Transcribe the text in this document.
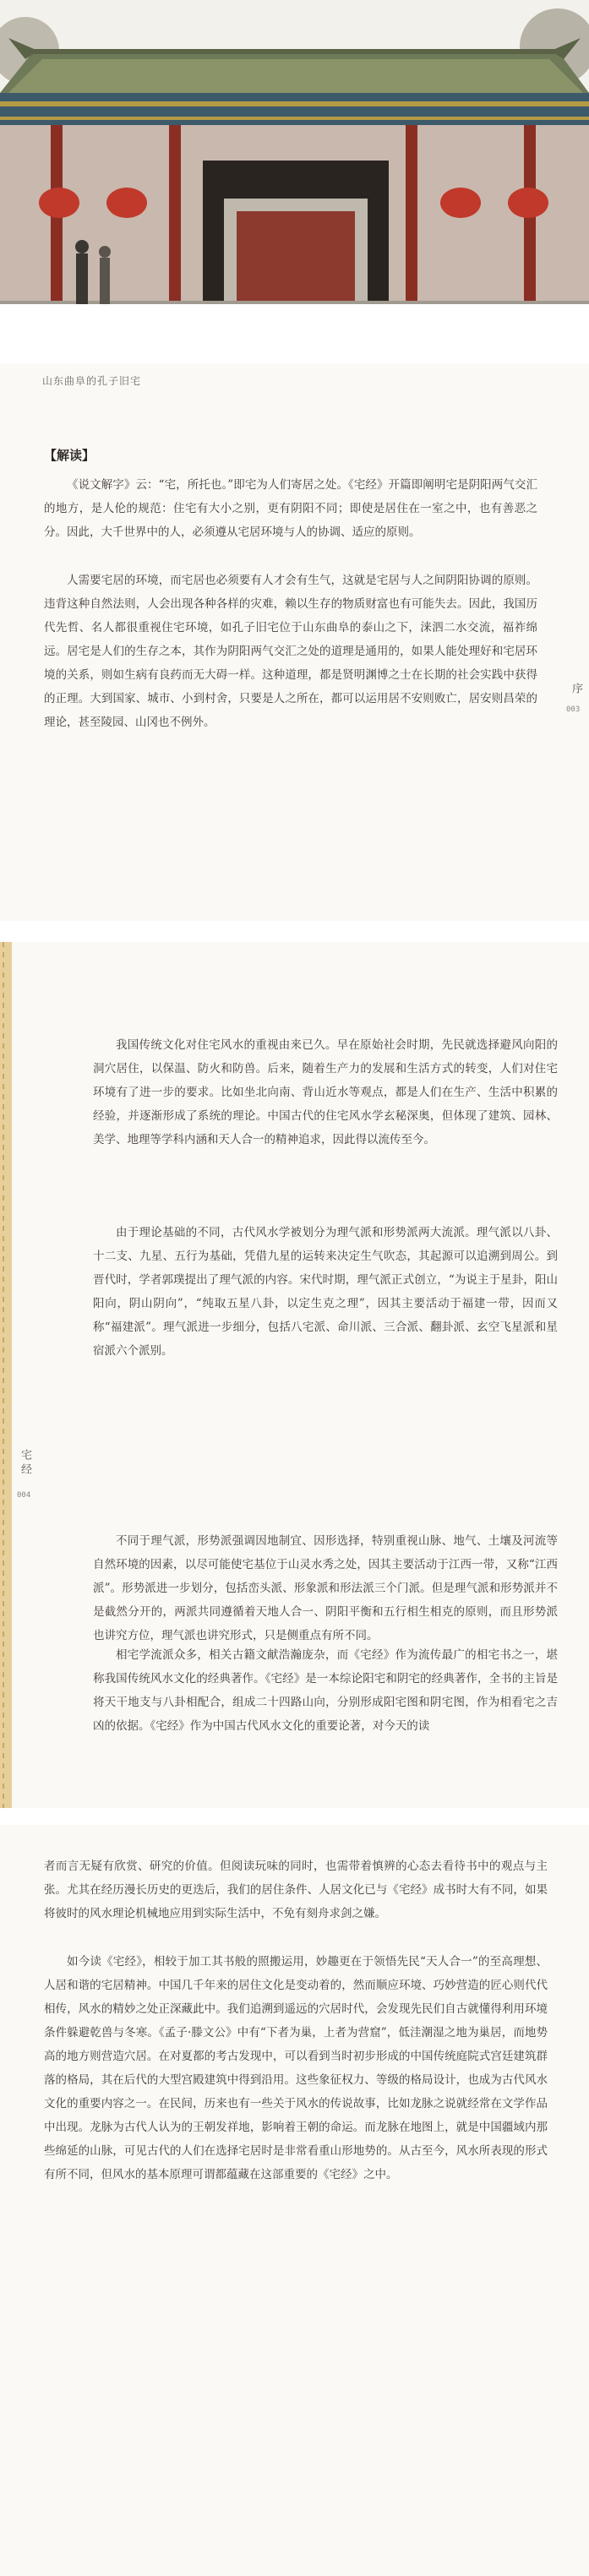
山东曲阜的孔子旧宅
【解读】

《说文解字》云：“宅，所托也。”即宅为人们寄居之处。《宅经》开篇即阐明宅是阴阳两气交汇的地方，是人伦的规范：住宅有大小之别，更有阴阳不同；即使是居住在一室之中，也有善恶之分。因此，大千世界中的人，必须遵从宅居环境与人的协调、适应的原则。

人需要宅居的环境，而宅居也必须要有人才会有生气，这就是宅居与人之间阴阳协调的原则。违背这种自然法则，人会出现各种各样的灾难，赖以生存的物质财富也有可能失去。因此，我国历代先哲、名人都很重视住宅环境，如孔子旧宅位于山东曲阜的泰山之下，涞泗二水交流，福祚绵远。居宅是人们的生存之本，其作为阴阳两气交汇之处的道理是通用的，如果人能处理好和宅居环境的关系，则如生病有良药而无大碍一样。这种道理，都是贤明渊博之士在长期的社会实践中获得的正理。大到国家、城市、小到村舍，只要是人之所在，都可以运用居不安则败亡，居安则昌荣的理论，甚至陵园、山冈也不例外。

序
003

我国传统文化对住宅风水的重视由来已久。早在原始社会时期，先民就选择避风向阳的洞穴居住，以保温、防火和防兽。后来，随着生产力的发展和生活方式的转变，人们对住宅环境有了进一步的要求。比如坐北向南、背山近水等观点，都是人们在生产、生活中积累的经验，并逐渐形成了系统的理论。中国古代的住宅风水学玄秘深奥，但体现了建筑、园林、美学、地理等学科内涵和天人合一的精神追求，因此得以流传至今。

由于理论基础的不同，古代风水学被划分为理气派和形势派两大流派。理气派以八卦、十二支、九星、五行为基础，凭借九星的运转来决定生气吹态，其起源可以追溯到周公。到晋代时，学者郭璞提出了理气派的内容。宋代时期，理气派正式创立，“为说主于星卦，阳山阳向，阴山阴向”，“纯取五星八卦，以定生克之理”，因其主要活动于福建一带，因而又称“福建派”。理气派进一步细分，包括八宅派、命川派、三合派、翻卦派、玄空飞星派和星宿派六个派别。

不同于理气派，形势派强调因地制宜、因形选择，特别重视山脉、地气、土壤及河流等自然环境的因素，以尽可能使宅基位于山灵水秀之处，因其主要活动于江西一带，又称“江西派”。形势派进一步划分，包括峦头派、形象派和形法派三个门派。但是理气派和形势派并不是截然分开的，两派共同遵循着天地人合一、阴阳平衡和五行相生相克的原则，而且形势派也讲究方位，理气派也讲究形式，只是侧重点有所不同。

相宅学流派众多，相关古籍文献浩瀚庞杂，而《宅经》作为流传最广的相宅书之一，堪称我国传统风水文化的经典著作。《宅经》是一本综论阳宅和阴宅的经典著作，全书的主旨是将天干地支与八卦相配合，组成二十四路山向，分别形成阳宅图和阴宅图，作为相看宅之吉凶的依据。《宅经》作为中国古代风水文化的重要论著，对今天的读

宅经
004

者而言无疑有欣赏、研究的价值。但阅读玩味的同时，也需带着慎辨的心态去看待书中的观点与主张。尤其在经历漫长历史的更迭后，我们的居住条件、人居文化已与《宅经》成书时大有不同，如果将彼时的风水理论机械地应用到实际生活中，不免有刻舟求剑之嫌。

如今读《宅经》，相较于加工其书般的照搬运用，妙趣更在于领悟先民“天人合一”的至高理想、人居和谐的宅居精神。中国几千年来的居住文化是变动着的，然而顺应环境、巧妙营造的匠心则代代相传，风水的精妙之处正深藏此中。我们追溯到遥远的穴居时代，会发现先民们自古就懂得利用环境条件躲避乾兽与冬寒。《孟子·滕文公》中有“下者为巢，上者为营窟”，低洼潮湿之地为巢居，而地势高的地方则营造穴居。在对夏都的考古发现中，可以看到当时初步形成的中国传统庭院式宫廷建筑群落的格局，其在后代的大型宫殿建筑中得到沿用。这些象征权力、等级的格局设计，也成为古代风水文化的重要内容之一。在民间，历来也有一些关于风水的传说故事，比如龙脉之说就经常在文学作品中出现。龙脉为古代人认为的王朝发祥地，影响着王朝的命运。而龙脉在地图上，就是中国疆域内那些绵延的山脉，可见古代的人们在选择宅居时是非常看重山形地势的。从古至今，风水所表现的形式有所不同，但风水的基本原理可谓都蕴藏在这部重要的《宅经》之中。
